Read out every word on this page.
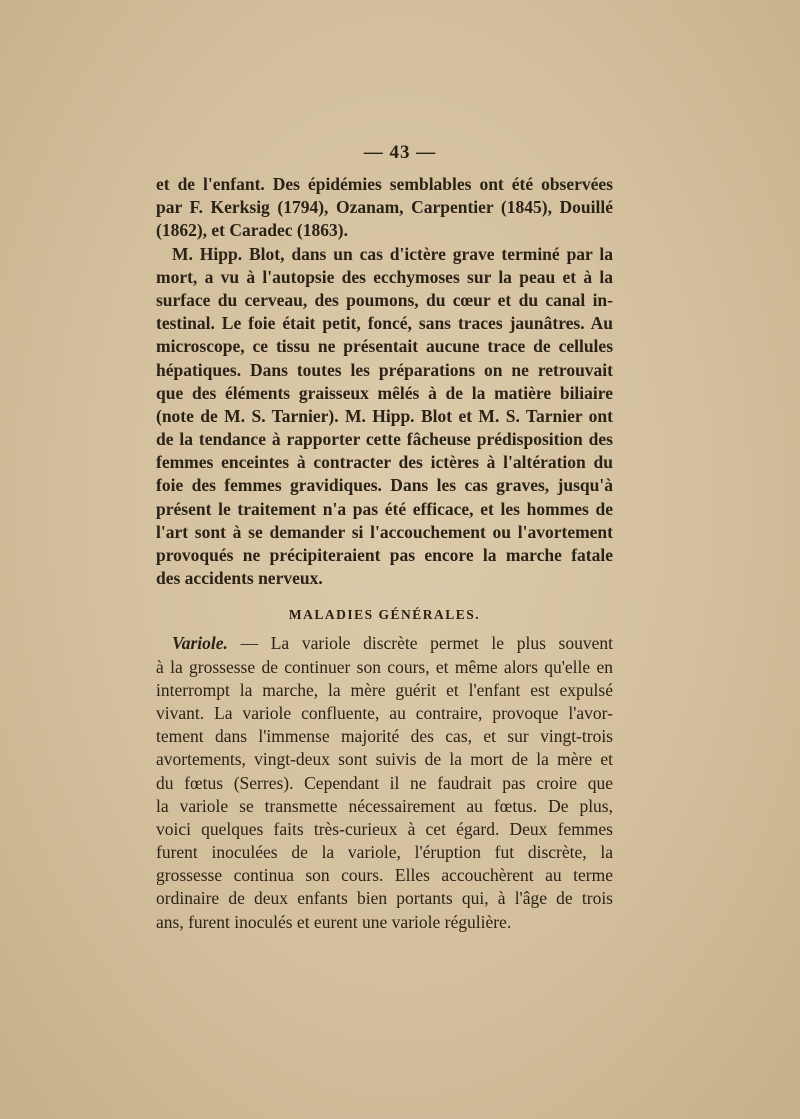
— 43 —
et de l'enfant. Des épidémies semblables ont été observées
par F. Kerksig (1794), Ozanam, Carpentier (1845), Douillé
(1862), et Caradec (1863).
M. Hipp. Blot, dans un cas d'ictère grave terminé par la
mort, a vu à l'autopsie des ecchymoses sur la peau et à la
surface du cerveau, des poumons, du cœur et du canal in-
testinal. Le foie était petit, foncé, sans traces jaunâtres. Au
microscope, ce tissu ne présentait aucune trace de cellules
hépatiques. Dans toutes les préparations on ne retrouvait
que des éléments graisseux mêlés à de la matière biliaire
(note de M. S. Tarnier). M. Hipp. Blot et M. S. Tarnier ont
de la tendance à rapporter cette fâcheuse prédisposition des
femmes enceintes à contracter des ictères à l'altération du
foie des femmes gravidiques. Dans les cas graves, jusqu'à
présent le traitement n'a pas été efficace, et les hommes de
l'art sont à se demander si l'accouchement ou l'avortement
provoqués ne précipiteraient pas encore la marche fatale
des accidents nerveux.
MALADIES GÉNÉRALES.
Variole. — La variole discrète permet le plus souvent
à la grossesse de continuer son cours, et même alors qu'elle en
interrompt la marche, la mère guérit et l'enfant est expulsé
vivant. La variole confluente, au contraire, provoque l'avor-
tement dans l'immense majorité des cas, et sur vingt-trois
avortements, vingt-deux sont suivis de la mort de la mère et
du fœtus (Serres). Cependant il ne faudrait pas croire que
la variole se transmette nécessairement au fœtus. De plus,
voici quelques faits très-curieux à cet égard. Deux femmes
furent inoculées de la variole, l'éruption fut discrète, la
grossesse continua son cours. Elles accouchèrent au terme
ordinaire de deux enfants bien portants qui, à l'âge de trois
ans, furent inoculés et eurent une variole régulière.
